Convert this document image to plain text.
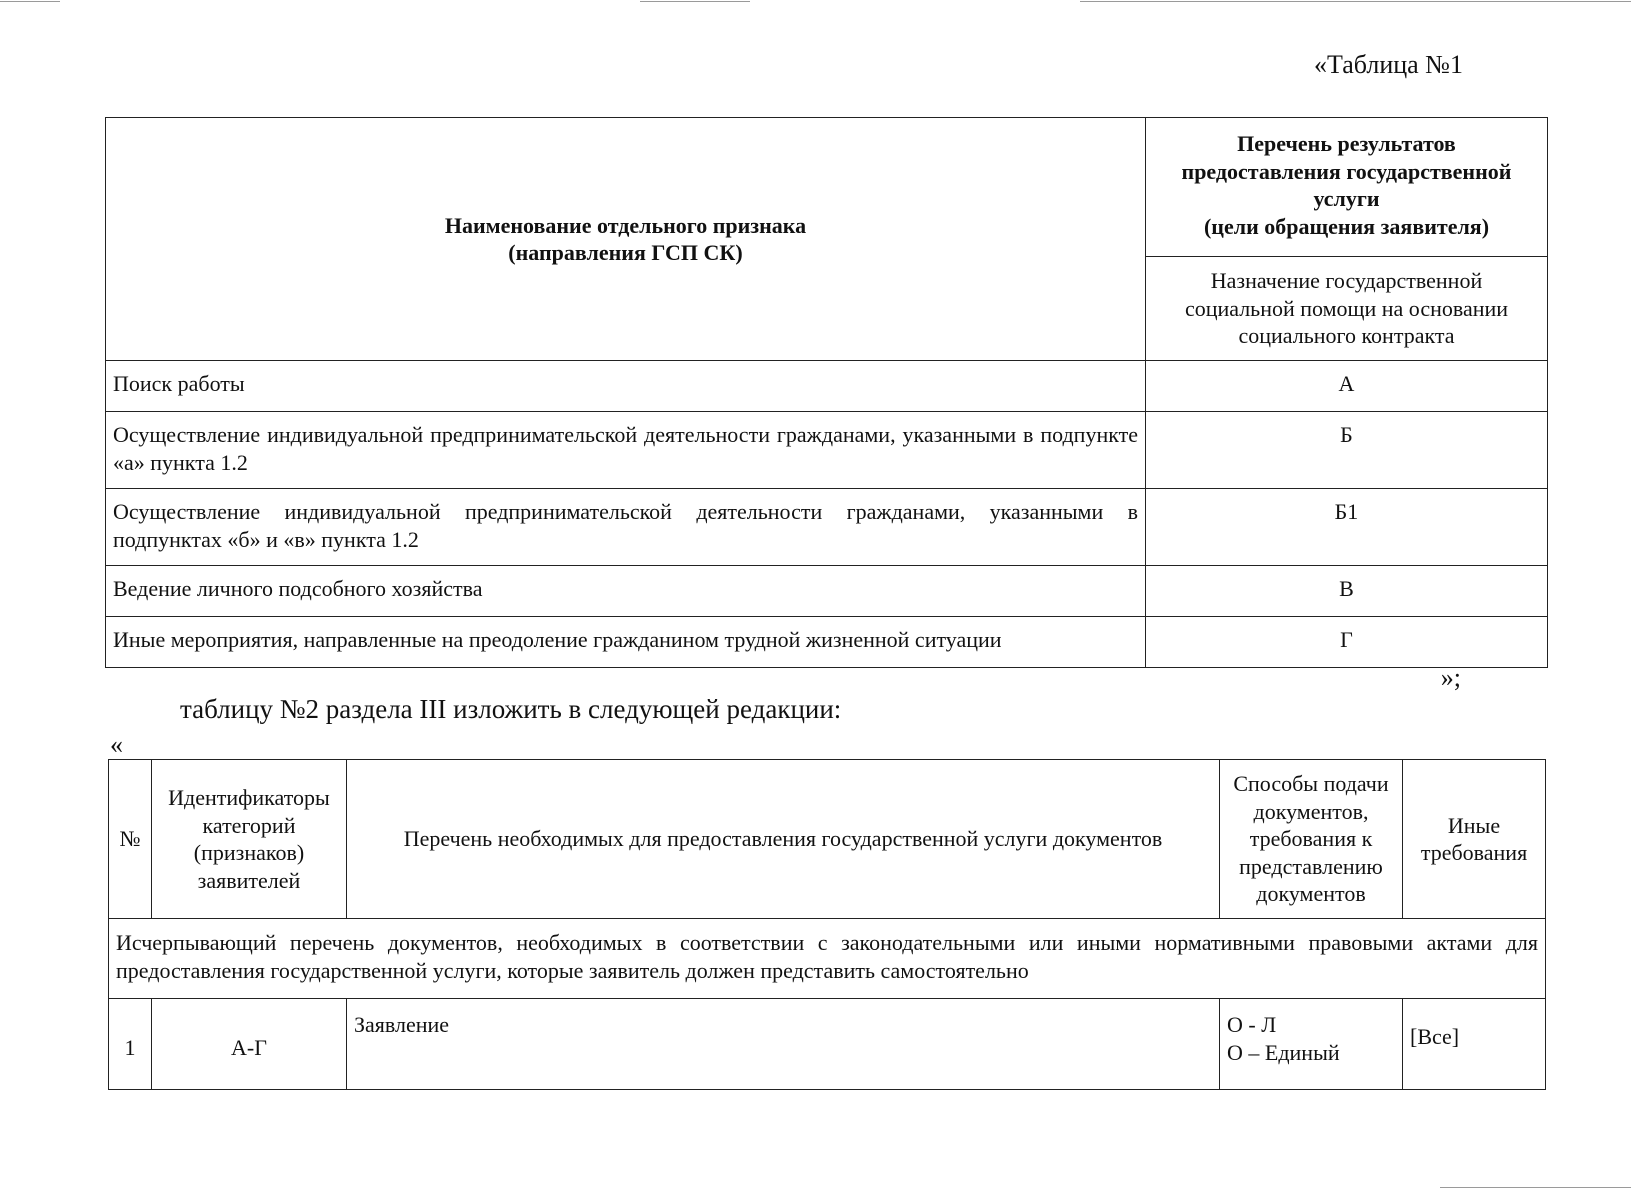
«Таблица №1
Наименование отдельного признака
(направления ГСП СК)	Перечень результатов
предоставления государственной
услуги
(цели обращения заявителя)

	Назначение государственной
социальной помощи на основании
социального контракта

Поиск работы	А
Осуществление индивидуальной предпринимательской деятельности гражданами, указанными в подпункте «а» пункта 1.2	Б
Осуществление индивидуальной предпринимательской деятельности гражданами, указанными в подпунктах «б» и «в» пункта 1.2	Б1
Ведение личного подсобного хозяйства	В
Иные мероприятия, направленные на преодоление гражданином трудной жизненной ситуации	Г
»;
таблицу №2 раздела III изложить в следующей редакции:
«
№	Идентификаторы
категорий
(признаков)
заявителей	Перечень необходимых для предоставления государственной услуги документов	Способы подачи
документов,
требования к
представлению
документов	Иные
требования

Исчерпывающий перечень документов, необходимых в соответствии с законодательными или иными нормативными правовыми актами для предоставления государственной услуги, которые заявитель должен представить самостоятельно				
1	А-Г	Заявление	О - Л
О – Единый	[Все]
